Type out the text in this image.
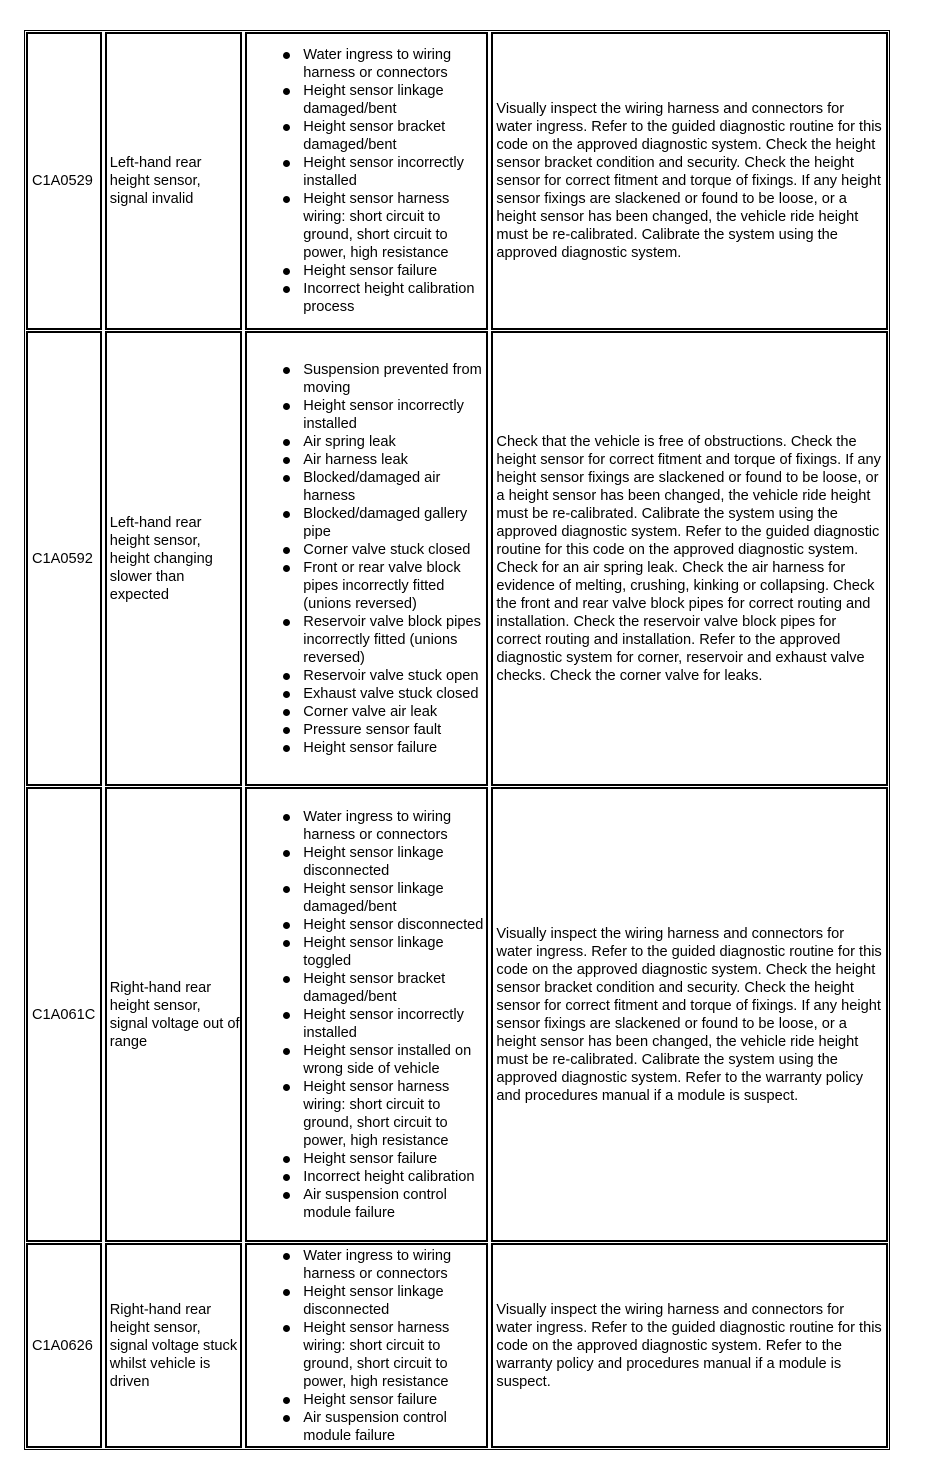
C1A0529
Left-hand rear height sensor, signal invalid
Water ingress to wiring harness or connectors
Height sensor linkage damaged/bent
Height sensor bracket damaged/bent
Height sensor incorrectly installed
Height sensor harness wiring: short circuit to ground, short circuit to power, high resistance
Height sensor failure
Incorrect height calibration process
Visually inspect the wiring harness and connectors for water ingress. Refer to the guided diagnostic routine for this code on the approved diagnostic system. Check the height sensor bracket condition and security. Check the height sensor for correct fitment and torque of fixings. If any height sensor fixings are slackened or found to be loose, or a height sensor has been changed, the vehicle ride height must be re-calibrated. Calibrate the system using the approved diagnostic system.
C1A0592
Left-hand rear height sensor, height changing slower than expected
Suspension prevented from moving
Height sensor incorrectly installed
Air spring leak
Air harness leak
Blocked/damaged air harness
Blocked/damaged gallery pipe
Corner valve stuck closed
Front or rear valve block pipes incorrectly fitted (unions reversed)
Reservoir valve block pipes incorrectly fitted (unions reversed)
Reservoir valve stuck open
Exhaust valve stuck closed
Corner valve air leak
Pressure sensor fault
Height sensor failure
Check that the vehicle is free of obstructions. Check the height sensor for correct fitment and torque of fixings. If any height sensor fixings are slackened or found to be loose, or a height sensor has been changed, the vehicle ride height must be re-calibrated. Calibrate the system using the approved diagnostic system. Refer to the guided diagnostic routine for this code on the approved diagnostic system. Check for an air spring leak. Check the air harness for evidence of melting, crushing, kinking or collapsing. Check the front and rear valve block pipes for correct routing and installation. Check the reservoir valve block pipes for correct routing and installation. Refer to the approved diagnostic system for corner, reservoir and exhaust valve checks. Check the corner valve for leaks.
C1A061C
Right-hand rear height sensor, signal voltage out of range
Water ingress to wiring harness or connectors
Height sensor linkage disconnected
Height sensor linkage damaged/bent
Height sensor disconnected
Height sensor linkage toggled
Height sensor bracket damaged/bent
Height sensor incorrectly installed
Height sensor installed on wrong side of vehicle
Height sensor harness wiring: short circuit to ground, short circuit to power, high resistance
Height sensor failure
Incorrect height calibration
Air suspension control module failure
Visually inspect the wiring harness and connectors for water ingress. Refer to the guided diagnostic routine for this code on the approved diagnostic system. Check the height sensor bracket condition and security. Check the height sensor for correct fitment and torque of fixings. If any height sensor fixings are slackened or found to be loose, or a height sensor has been changed, the vehicle ride height must be re-calibrated. Calibrate the system using the approved diagnostic system. Refer to the warranty policy and procedures manual if a module is suspect.
C1A0626
Right-hand rear height sensor, signal voltage stuck whilst vehicle is driven
Water ingress to wiring harness or connectors
Height sensor linkage disconnected
Height sensor harness wiring: short circuit to ground, short circuit to power, high resistance
Height sensor failure
Air suspension control module failure
Visually inspect the wiring harness and connectors for water ingress. Refer to the guided diagnostic routine for this code on the approved diagnostic system. Refer to the warranty policy and procedures manual if a module is suspect.
